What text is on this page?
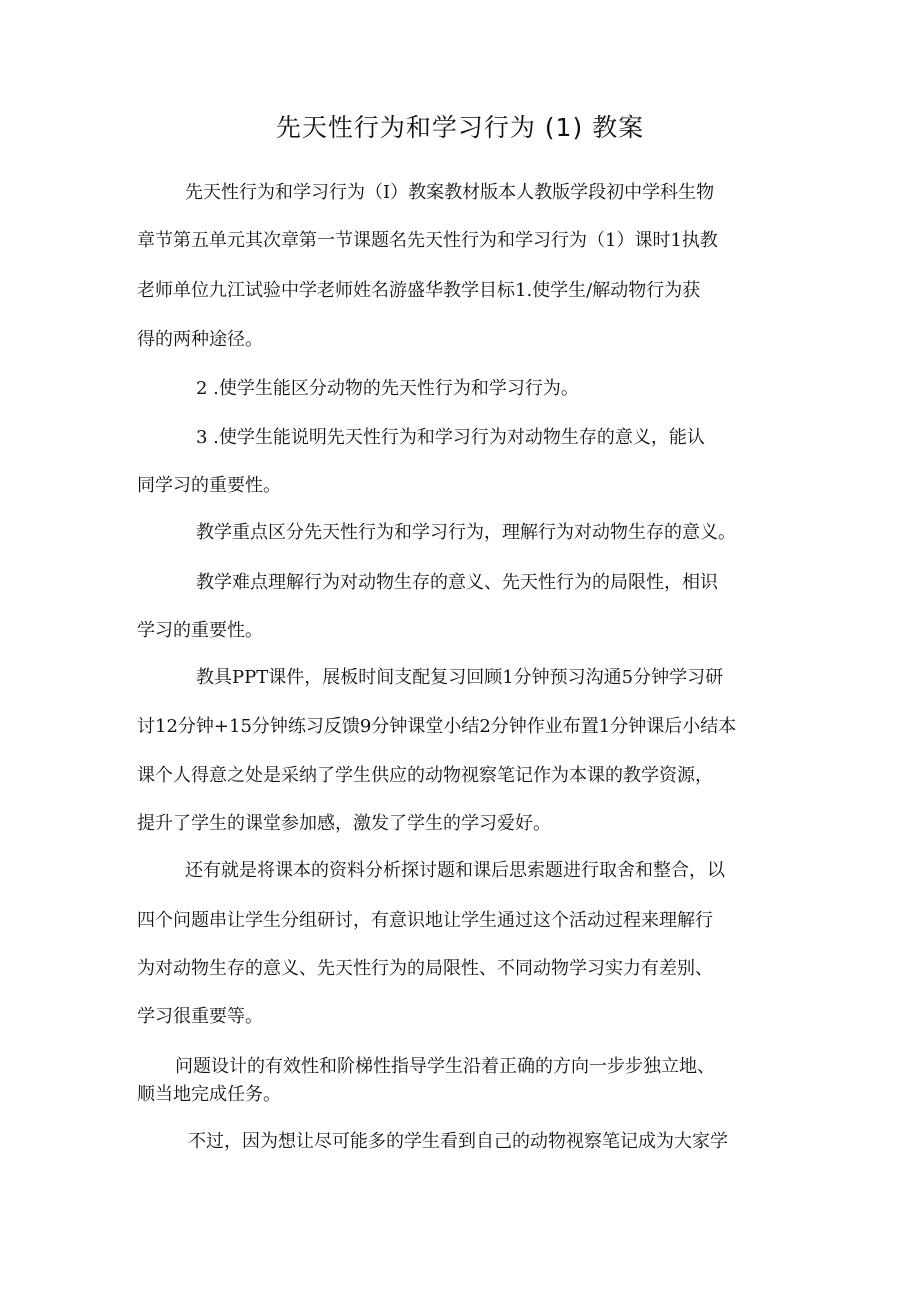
先天性行为和学习行为 (1) 教案
先天性行为和学习行为（I）教案教材版本人教版学段初中学科生物
章节第五单元其次章第一节课题名先天性行为和学习行为（1）课时1执教
老师单位九江试验中学老师姓名游盛华教学目标1.使学生/解动物行为获
得的两种途径。
2 .使学生能区分动物的先天性行为和学习行为。
3 .使学生能说明先天性行为和学习行为对动物生存的意义，能认
同学习的重要性。
教学重点区分先天性行为和学习行为，理解行为对动物生存的意义。
教学难点理解行为对动物生存的意义、先天性行为的局限性，相识
学习的重要性。
教具PPT课件，展板时间支配复习回顾1分钟预习沟通5分钟学习研
讨12分钟+15分钟练习反馈9分钟课堂小结2分钟作业布置1分钟课后小结本
课个人得意之处是采纳了学生供应的动物视察笔记作为本课的教学资源，
提升了学生的课堂参加感，激发了学生的学习爱好。
还有就是将课本的资料分析探讨题和课后思索题进行取舍和整合，以
四个问题串让学生分组研讨，有意识地让学生通过这个活动过程来理解行
为对动物生存的意义、先天性行为的局限性、不同动物学习实力有差别、
学习很重要等。
问题设计的有效性和阶梯性指导学生沿着正确的方向一步步独立地、
顺当地完成任务。
不过，因为想让尽可能多的学生看到自己的动物视察笔记成为大家学
